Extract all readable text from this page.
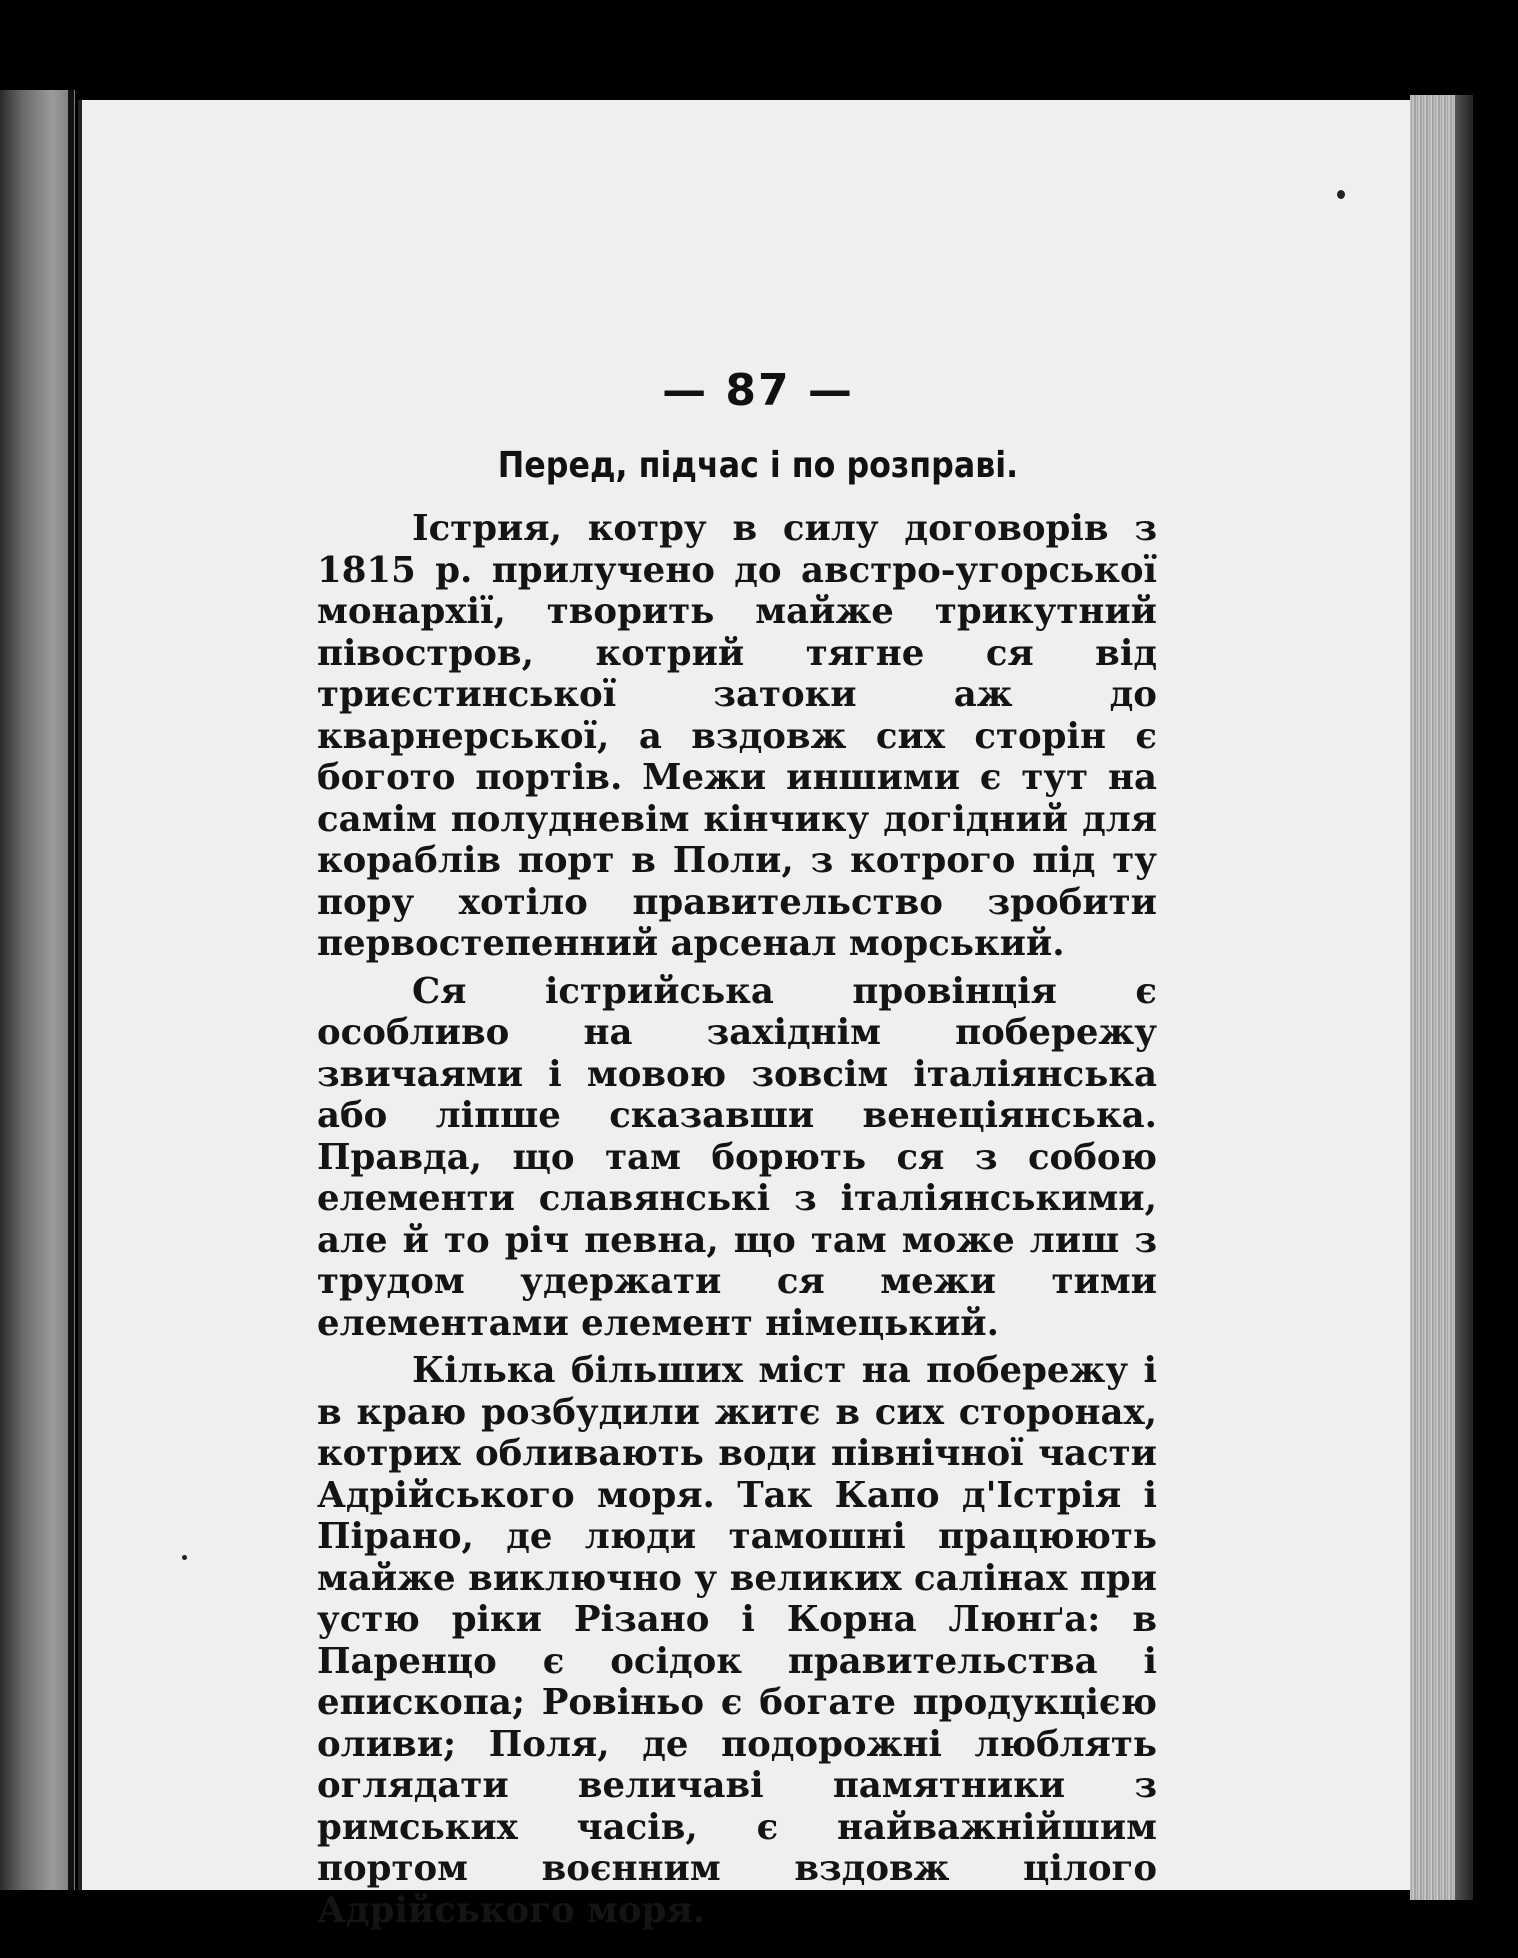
— 87 —
Перед, підчас і по розправі.

Істрия, котру в силу договорів з 1815 р. прилучено до австро-угорської монархії, творить майже трикутний півостров, котрий тягне ся від триєстинської затоки аж до кварнерської, а вздовж сих сторін є богото портів. Межи иншими є тут на самім полудневім кінчику догідний для кораблів порт в Поли, з котрого під ту пору хотіло правительство зробити первостепенний арсенал морський.

Ся істрийська провінція є особливо на західнім побережу звичаями і мовою зовсім італіянська або ліпше сказавши венеціянська. Правда, що там борють ся з собою елементи славянські з італіянськими, але й то річ певна, що там може лиш з трудом удержати ся межи тими елементами елемент німецький.

Кілька більших міст на побережу і в краю розбудили житє в сих сторонах, котрих обливають води північної части Адрійського моря. Так Капо д'Істрія і Пірано, де люди тамошні працюють майже виключно у великих салінах при устю ріки Різано і Корна Люнґа: в Паренцо є осідок правительства і епископа; Ровіньо є богате продукцією оливи; Поля, де подорожні люблять оглядати величаві памятники з римських часів, є найважнійшим портом воєнним вздовж цілого Адрійського моря.
